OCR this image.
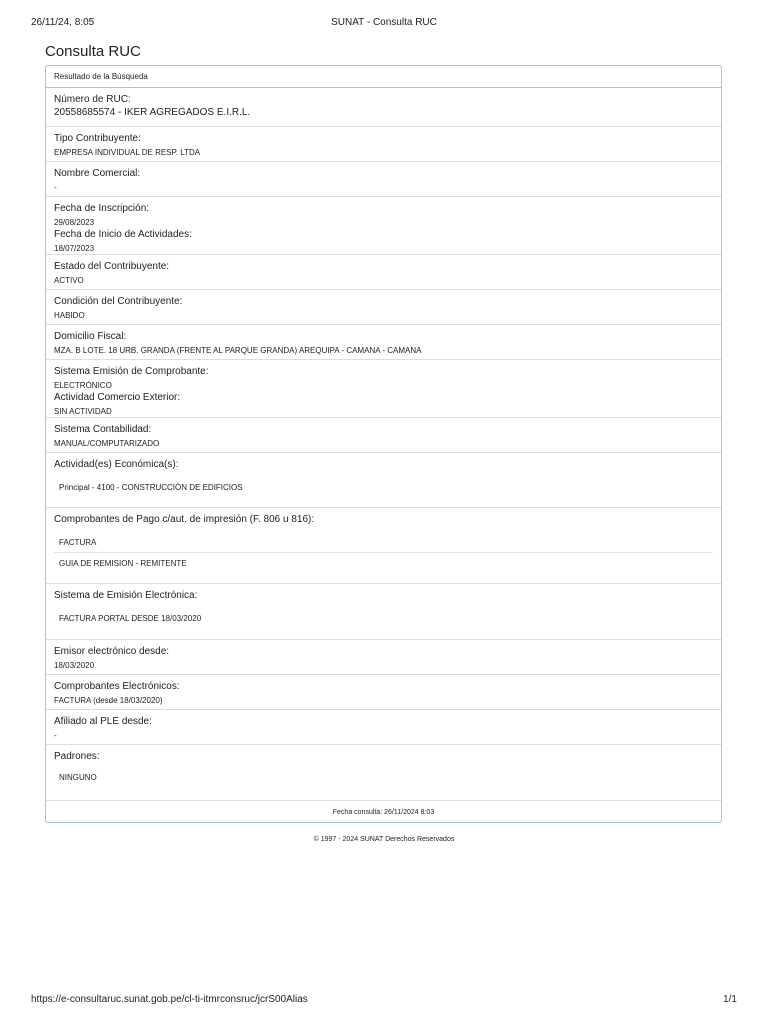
26/11/24, 8:05	SUNAT - Consulta RUC
Consulta RUC
Resultado de la Búsqueda
Número de RUC:
20558685574 - IKER AGREGADOS E.I.R.L.
Tipo Contribuyente:
EMPRESA INDIVIDUAL DE RESP. LTDA
Nombre Comercial:
-
Fecha de Inscripción:
29/08/2023
Fecha de Inicio de Actividades:
18/07/2023
Estado del Contribuyente:
ACTIVO
Condición del Contribuyente:
HABIDO
Domicilio Fiscal:
MZA. B LOTE. 18 URB. GRANDA (FRENTE AL PARQUE GRANDA) AREQUIPA - CAMANA - CAMANA
Sistema Emisión de Comprobante:
ELECTRÓNICO
Actividad Comercio Exterior:
SIN ACTIVIDAD
Sistema Contabilidad:
MANUAL/COMPUTARIZADO
Actividad(es) Económica(s):
Principal - 4100 - CONSTRUCCIÓN DE EDIFICIOS
Comprobantes de Pago c/aut. de impresión (F. 806 u 816):
FACTURA
GUIA DE REMISION - REMITENTE
Sistema de Emisión Electrónica:
FACTURA PORTAL DESDE 18/03/2020
Emisor electrónico desde:
18/03/2020
Comprobantes Electrónicos:
FACTURA (desde 18/03/2020)
Afiliado al PLE desde:
-
Padrones:
NINGUNO
Fecha consulta: 26/11/2024 8:03
© 1997 - 2024 SUNAT Derechos Reservados
https://e-consultaruc.sunat.gob.pe/cl-ti-itmrconsruc/jcrS00Alias	1/1
